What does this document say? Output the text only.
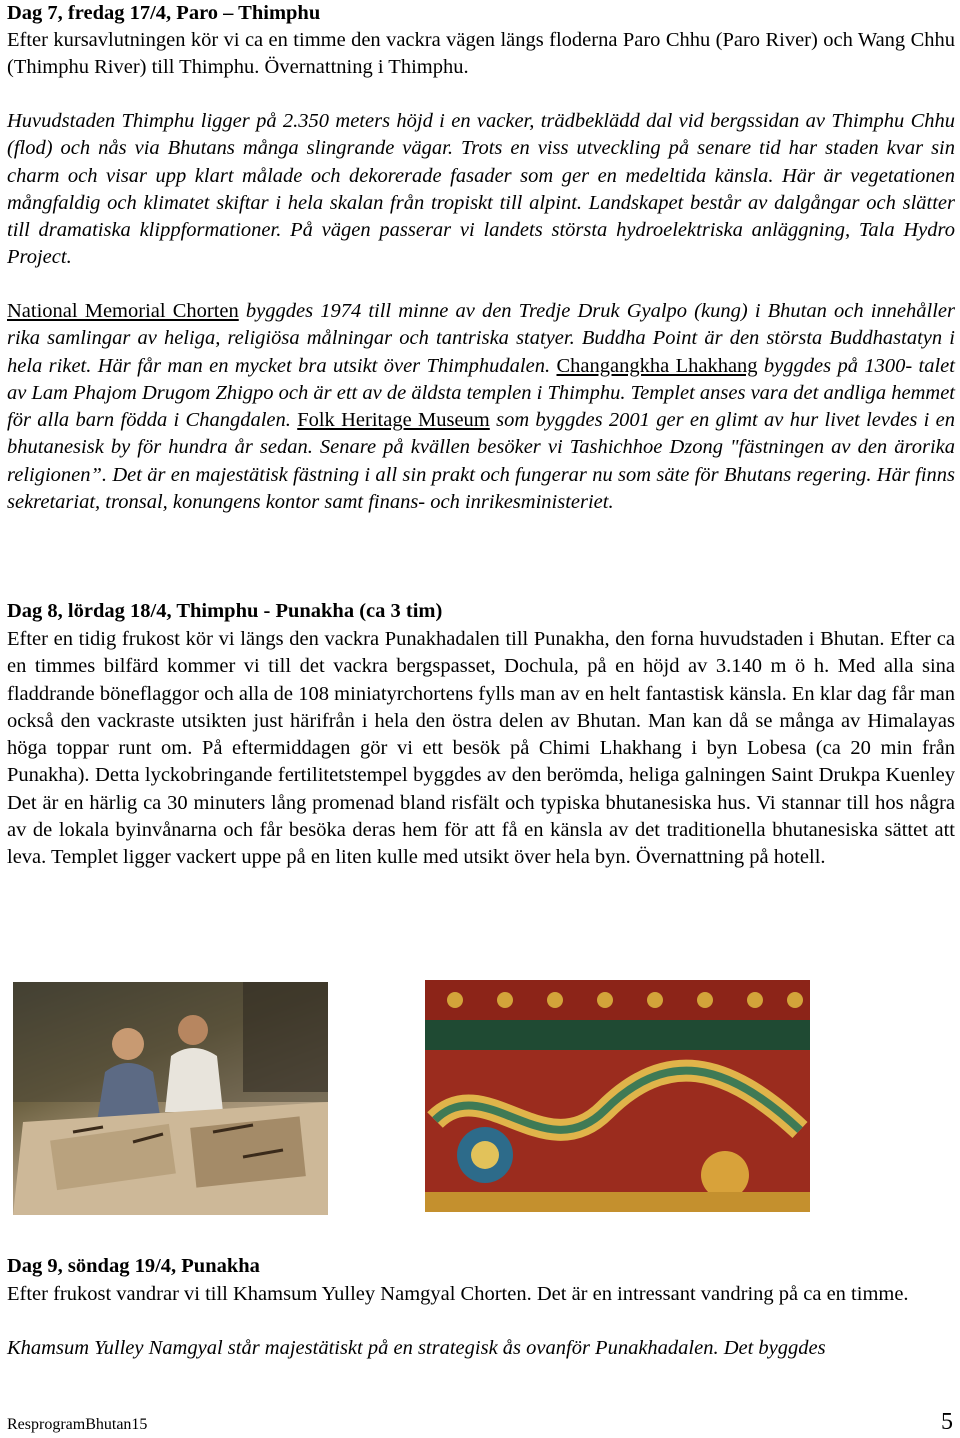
Dag 7, fredag 17/4, Paro – Thimphu

Efter kursavlutningen kör vi ca en timme den vackra vägen längs floderna Paro Chhu (Paro River) och Wang Chhu (Thimphu River) till Thimphu. Övernattning i Thimphu.

Huvudstaden Thimphu ligger på 2.350 meters höjd i en vacker, trädbeklädd dal vid bergssidan av Thimphu Chhu (flod) och nås via Bhutans många slingrande vägar. Trots en viss utveckling på senare tid har staden kvar sin charm och visar upp klart målade och dekorerade fasader som ger en medeltida känsla. Här är vegetationen mångfaldig och klimatet skiftar i hela skalan från tropiskt till alpint. Landskapet består av dalgångar och slätter till dramatiska klippformationer. På vägen passerar vi landets största hydroelektriska anläggning, Tala Hydro Project.

National Memorial Chorten byggdes 1974 till minne av den Tredje Druk Gyalpo (kung) i Bhutan och innehåller rika samlingar av heliga, religiösa målningar och tantriska statyer. Buddha Point är den största Buddhastatyn i hela riket. Här får man en mycket bra utsikt över Thimphudalen. Changangkha Lhakhang byggdes på 1300- talet av Lam Phajom Drugom Zhigpo och är ett av de äldsta templen i Thimphu. Templet anses vara det andliga hemmet för alla barn födda i Changdalen. Folk Heritage Museum som byggdes 2001 ger en glimt av hur livet levdes i en bhutanesisk by för hundra år sedan. Senare på kvällen besöker vi Tashichhoe Dzong "fästningen av den ärorika religionen”. Det är en majestätisk fästning i all sin prakt och fungerar nu som säte för Bhutans regering. Här finns sekretariat, tronsal, konungens kontor samt finans- och inrikesministeriet.

Dag 8, lördag 18/4, Thimphu - Punakha (ca 3 tim)

Efter en tidig frukost kör vi längs den vackra Punakhadalen till Punakha, den forna huvudstaden i Bhutan. Efter ca en timmes bilfärd kommer vi till det vackra bergspasset, Dochula, på en höjd av 3.140 m ö h. Med alla sina fladdrande böneflaggor och alla de 108 miniatyrchortens fylls man av en helt fantastisk känsla. En klar dag får man också den vackraste utsikten just härifrån i hela den östra delen av Bhutan. Man kan då se många av Himalayas höga toppar runt om. På eftermiddagen gör vi ett besök på Chimi Lhakhang i byn Lobesa (ca 20 min från Punakha). Detta lyckobringande fertilitetstempel byggdes av den berömda, heliga galningen Saint Drukpa Kuenley Det är en härlig ca 30 minuters lång promenad bland risfält och typiska bhutanesiska hus. Vi stannar till hos några av de lokala byinvånarna och får besöka deras hem för att få en känsla av det traditionella bhutanesiska sättet att leva. Templet ligger vackert uppe på en liten kulle med utsikt över hela byn. Övernattning på hotell.

Dag 9, söndag 19/4, Punakha

Efter frukost vandrar vi till Khamsum Yulley Namgyal Chorten. Det är en intressant vandring på ca en timme.

Khamsum Yulley Namgyal står majestätiskt på en strategisk ås ovanför Punakhadalen. Det byggdes

ResprogramBhutan15	5
